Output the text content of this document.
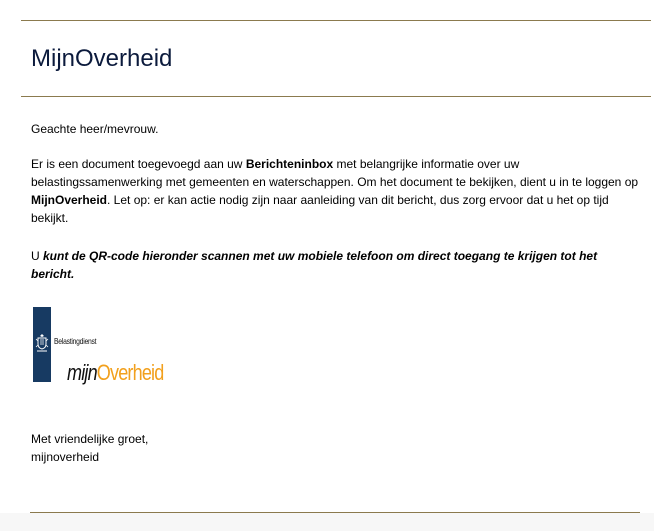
MijnOverheid

Geachte heer/mevrouw.

Er is een document toegevoegd aan uw Berichteninbox met belangrijke informatie over uw belastingssamenwerking met gemeenten en waterschappen. Om het document te bekijken, dient u in te loggen op MijnOverheid. Let op: er kan actie nodig zijn naar aanleiding van dit bericht, dus zorg ervoor dat u het op tijd bekijkt.

U kunt de QR-code hieronder scannen met uw mobiele telefoon om direct toegang te krijgen tot het bericht.

Belastingdienst
mijnOverheid

Met vriendelijke groet,
mijnoverheid
